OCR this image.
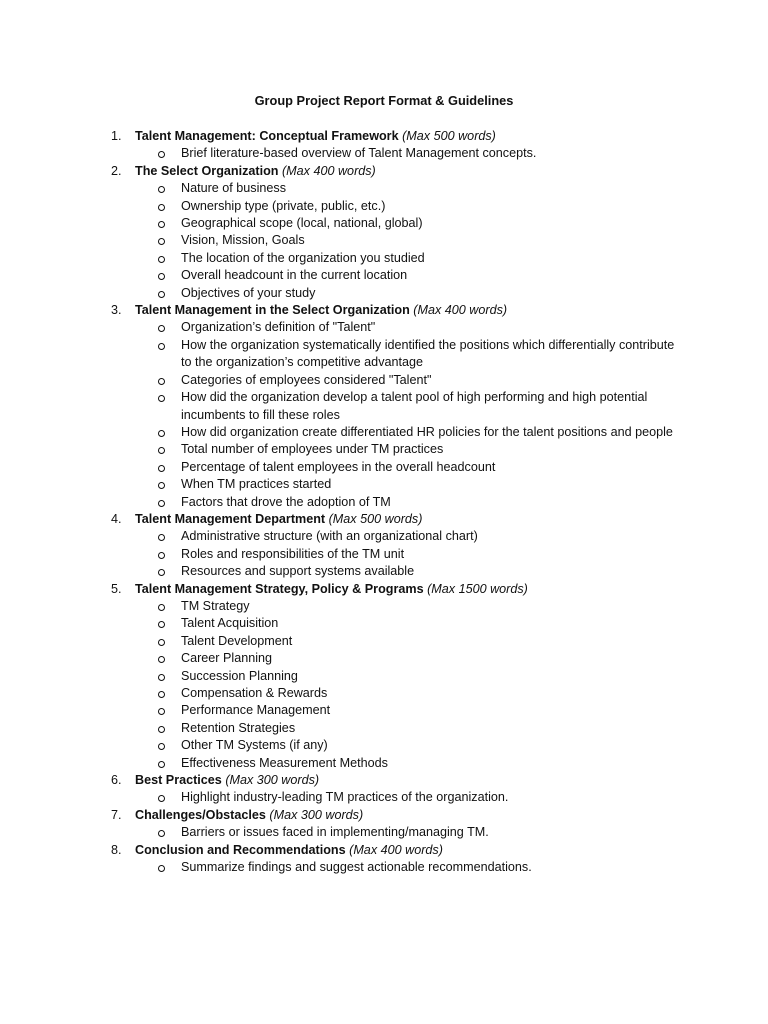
Group Project Report Format & Guidelines
1.	Talent Management: Conceptual Framework (Max 500 words)
Brief literature-based overview of Talent Management concepts.
2.	The Select Organization (Max 400 words)
Nature of business
Ownership type (private, public, etc.)
Geographical scope (local, national, global)
Vision, Mission, Goals
The location of the organization you studied
Overall headcount in the current location
Objectives of your study
3.	Talent Management in the Select Organization (Max 400 words)
Organization’s definition of "Talent"
How the organization systematically identified the positions which differentially contribute to the organization’s competitive advantage
Categories of employees considered "Talent"
How did the organization develop a talent pool of high performing and high potential incumbents to fill these roles
How did organization create differentiated HR policies for the talent positions and people
Total number of employees under TM practices
Percentage of talent employees in the overall headcount
When TM practices started
Factors that drove the adoption of TM
4.	Talent Management Department (Max 500 words)
Administrative structure (with an organizational chart)
Roles and responsibilities of the TM unit
Resources and support systems available
5.	Talent Management Strategy, Policy & Programs (Max 1500 words)
TM Strategy
Talent Acquisition
Talent Development
Career Planning
Succession Planning
Compensation & Rewards
Performance Management
Retention Strategies
Other TM Systems (if any)
Effectiveness Measurement Methods
6.	Best Practices (Max 300 words)
Highlight industry-leading TM practices of the organization.
7.	Challenges/Obstacles (Max 300 words)
Barriers or issues faced in implementing/managing TM.
8.	Conclusion and Recommendations (Max 400 words)
Summarize findings and suggest actionable recommendations.
